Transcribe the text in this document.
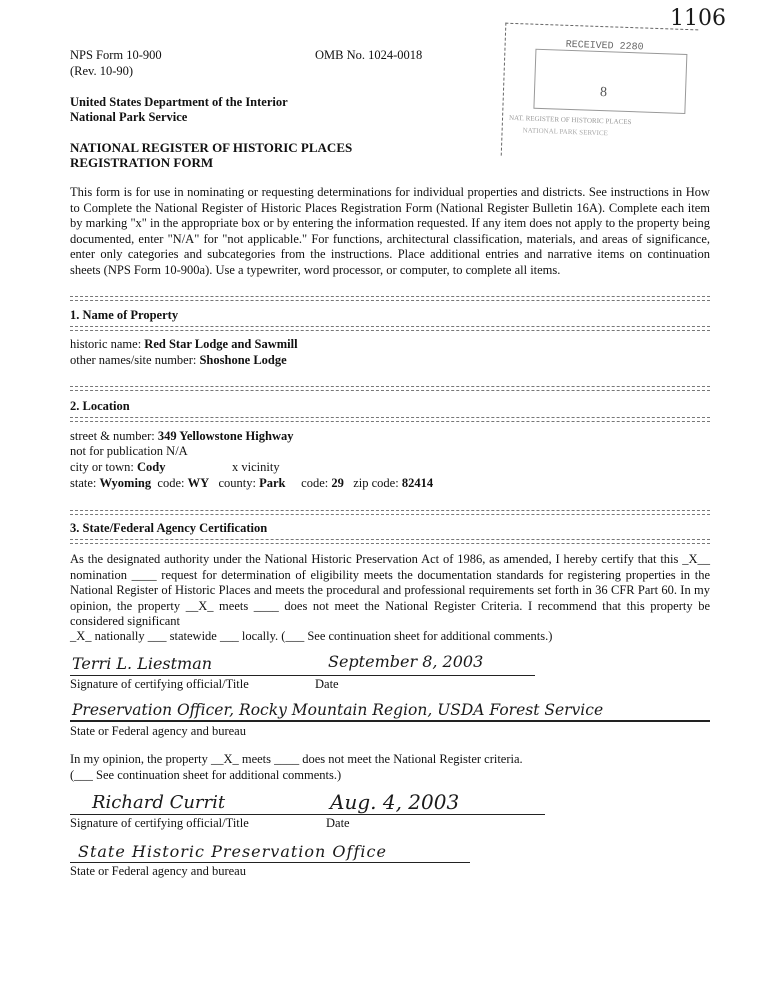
1106
NPS Form 10-900
(Rev. 10-90)
OMB No. 1024-0018
United States Department of the Interior
National Park Service
NATIONAL REGISTER OF HISTORIC PLACES
REGISTRATION FORM
RECEIVED 2280
8
NAT. REGISTER OF HISTORIC PLACES
NATIONAL PARK SERVICE
This form is for use in nominating or requesting determinations for individual properties and districts. See instructions in How to Complete the National Register of Historic Places Registration Form (National Register Bulletin 16A). Complete each item by marking "x" in the appropriate box or by entering the information requested. If any item does not apply to the property being documented, enter "N/A" for "not applicable." For functions, architectural classification, materials, and areas of significance, enter only categories and subcategories from the instructions. Place additional entries and narrative items on continuation sheets (NPS Form 10-900a). Use a typewriter, word processor, or computer, to complete all items.
1. Name of Property
historic name: Red Star Lodge and Sawmill
other names/site number: Shoshone Lodge
2. Location
street & number: 349 Yellowstone Highway
not for publication N/A
city or town: Cody	x vicinity
state: Wyoming code: WY county: Park code: 29 zip code: 82414
3. State/Federal Agency Certification
As the designated authority under the National Historic Preservation Act of 1986, as amended, I hereby certify that this _X__ nomination ____ request for determination of eligibility meets the documentation standards for registering properties in the National Register of Historic Places and meets the procedural and professional requirements set forth in 36 CFR Part 60. In my opinion, the property __X_ meets ____ does not meet the National Register Criteria. I recommend that this property be considered significant
_X_ nationally ___ statewide ___ locally. (___ See continuation sheet for additional comments.)
Terri L. Liestman	September 8, 2003
Signature of certifying official/Title	Date
Preservation Officer, Rocky Mountain Region, USDA Forest Service
State or Federal agency and bureau
In my opinion, the property __X_ meets ____ does not meet the National Register criteria.
(___ See continuation sheet for additional comments.)
Richard Currit	Aug. 4, 2003
Signature of certifying official/Title	Date
State Historic Preservation Office
State or Federal agency and bureau
